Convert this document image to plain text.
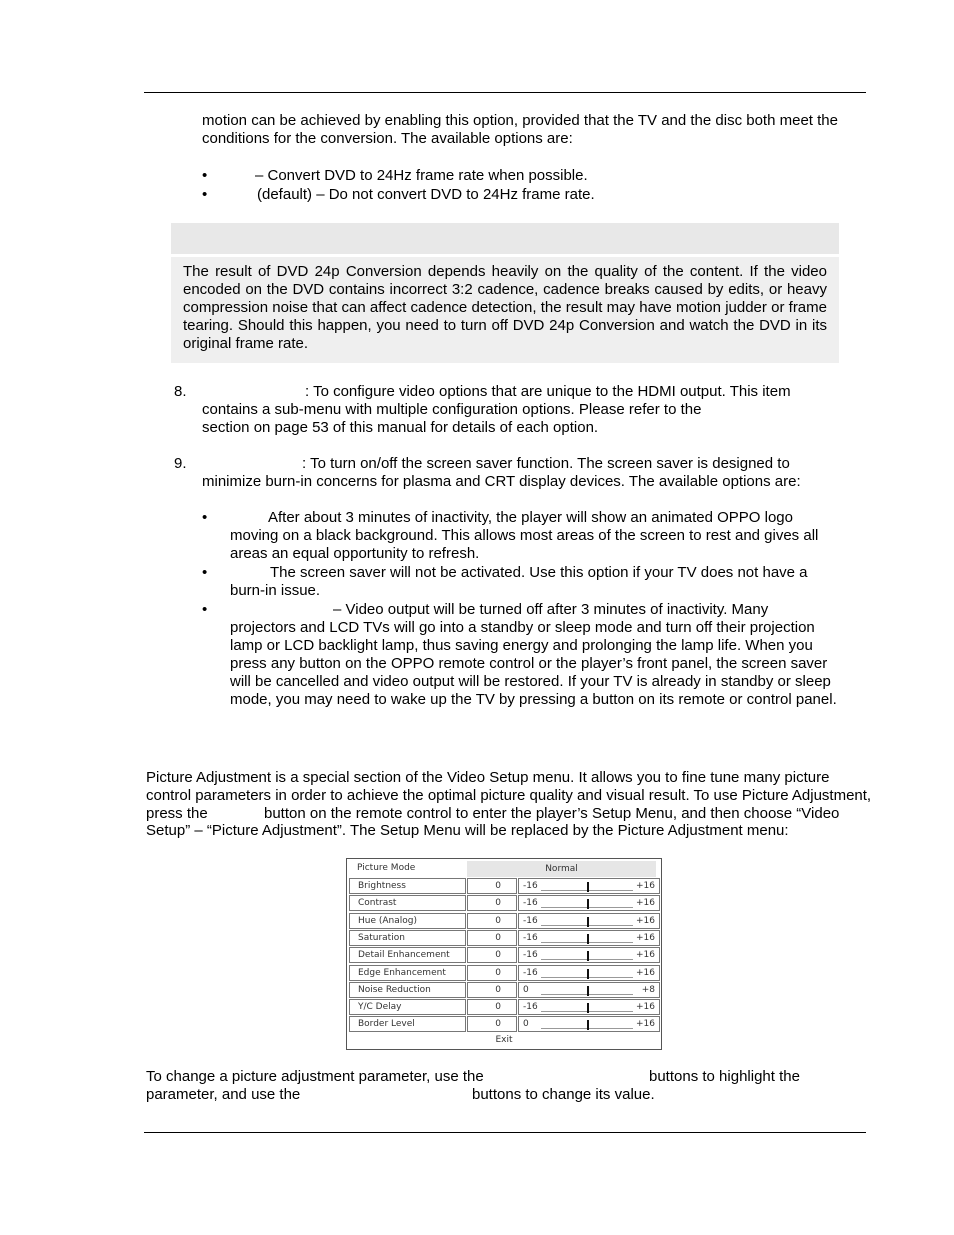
motion can be achieved by enabling this option, provided that the TV and the disc both meet the

conditions for the conversion. The available options are:

•	– Convert DVD to 24Hz frame rate when possible.

•	(default) – Do not convert DVD to 24Hz frame rate.

The result of DVD 24p Conversion depends heavily on the quality of the content. If the video encoded on the DVD contains incorrect 3:2 cadence, cadence breaks caused by edits, or heavy compression noise that can affect cadence detection, the result may have motion judder or frame tearing. Should this happen, you need to turn off DVD 24p Conversion and watch the DVD in its original frame rate.

8.	: To configure video options that are unique to the HDMI output. This item

contains a sub-menu with multiple configuration options. Please refer to the

section on page 53 of this manual for details of each option.

9.	: To turn on/off the screen saver function. The screen saver is designed to

minimize burn-in concerns for plasma and CRT display devices. The available options are:

•	After about 3 minutes of inactivity, the player will show an animated OPPO logo

moving on a black background. This allows most areas of the screen to rest and gives all

areas an equal opportunity to refresh.

•	The screen saver will not be activated. Use this option if your TV does not have a

burn-in issue.

•	– Video output will be turned off after 3 minutes of inactivity. Many

projectors and LCD TVs will go into a standby or sleep mode and turn off their projection

lamp or LCD backlight lamp, thus saving energy and prolonging the lamp life. When you

press any button on the OPPO remote control or the player’s front panel, the screen saver

will be cancelled and video output will be restored. If your TV is already in standby or sleep

mode, you may need to wake up the TV by pressing a button on its remote or control panel.

Picture Adjustment is a special section of the Video Setup menu. It allows you to fine tune many picture

control parameters in order to achieve the optimal picture quality and visual result. To use Picture Adjustment,

press the	button on the remote control to enter the player’s Setup Menu, and then choose “Video

Setup” – “Picture Adjustment”. The Setup Menu will be replaced by the Picture Adjustment menu:

Picture Mode	Normal
Brightness	0	-16	+16
Contrast	0	-16	+16
Hue (Analog)	0	-16	+16
Saturation	0	-16	+16
Detail Enhancement	0	-16	+16
Edge Enhancement	0	-16	+16
Noise Reduction	0	0	+8
Y/C Delay	0	-16	+16
Border Level	0	0	+16
Exit

To change a picture adjustment parameter, use the	buttons to highlight the

parameter, and use the	buttons to change its value.
